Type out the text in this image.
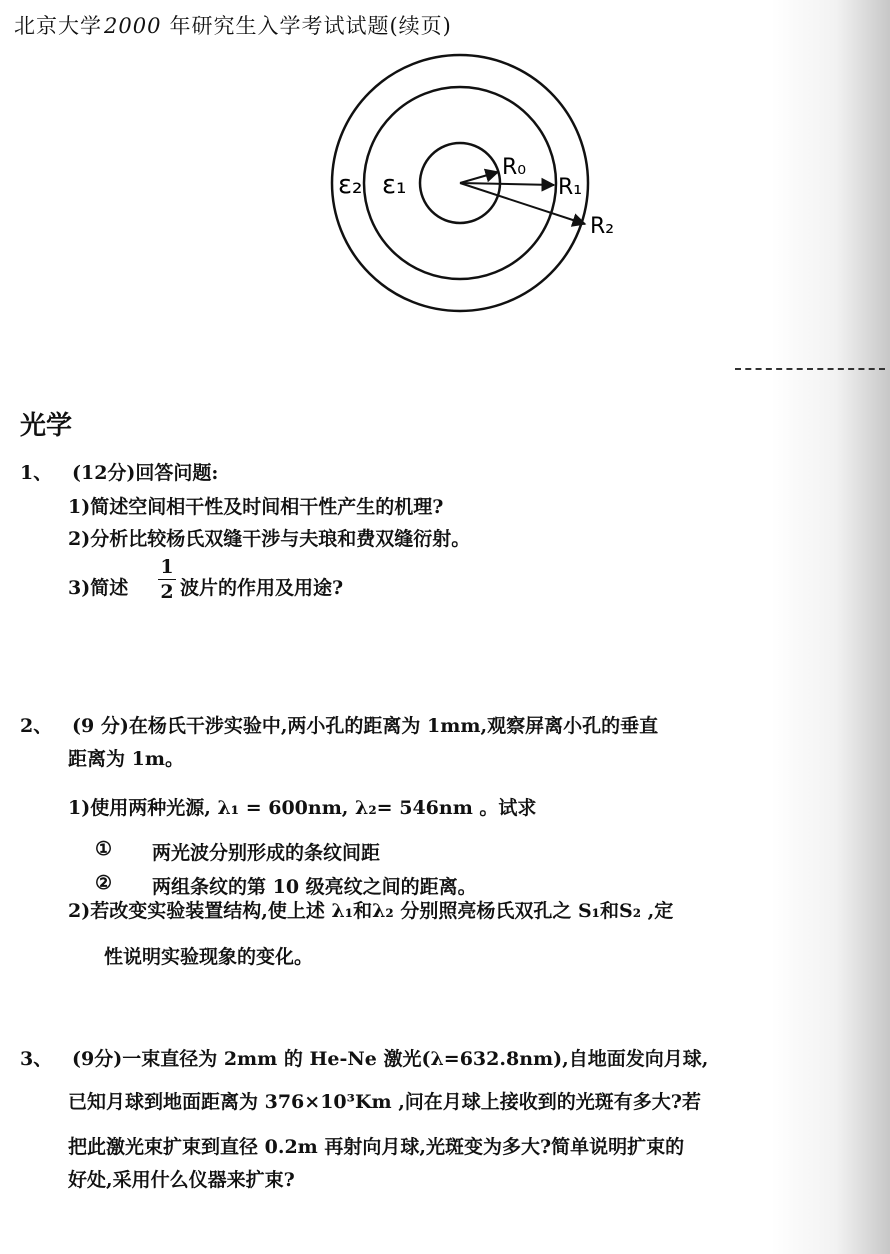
北京大学2000 年研究生入学考试试题(续页)
ε₂ ε₁
R₀
R₁
R₂
光学
1、 (12分)回答问题:
1)简述空间相干性及时间相干性产生的机理?
2)分析比较杨氏双缝干涉与夫琅和费双缝衍射。
3)简述
1
2 波片的作用及用途?
2、 (9 分)在杨氏干涉实验中,两小孔的距离为 1mm,观察屏离小孔的垂直
距离为 1m。
1)使用两种光源, λ₁ = 600nm, λ₂= 546nm 。试求
① 两光波分别形成的条纹间距
② 两组条纹的第 10 级亮纹之间的距离。
2)若改变实验装置结构,使上述 λ₁和λ₂ 分别照亮杨氏双孔之 S₁和S₂ ,定
性说明实验现象的变化。
3、 (9分)一束直径为 2mm 的 He-Ne 激光(λ=632.8nm),自地面发向月球,
已知月球到地面距离为 376×10³Km ,问在月球上接收到的光斑有多大?若
把此激光束扩束到直径 0.2m 再射向月球,光斑变为多大?简单说明扩束的
好处,采用什么仪器来扩束?
